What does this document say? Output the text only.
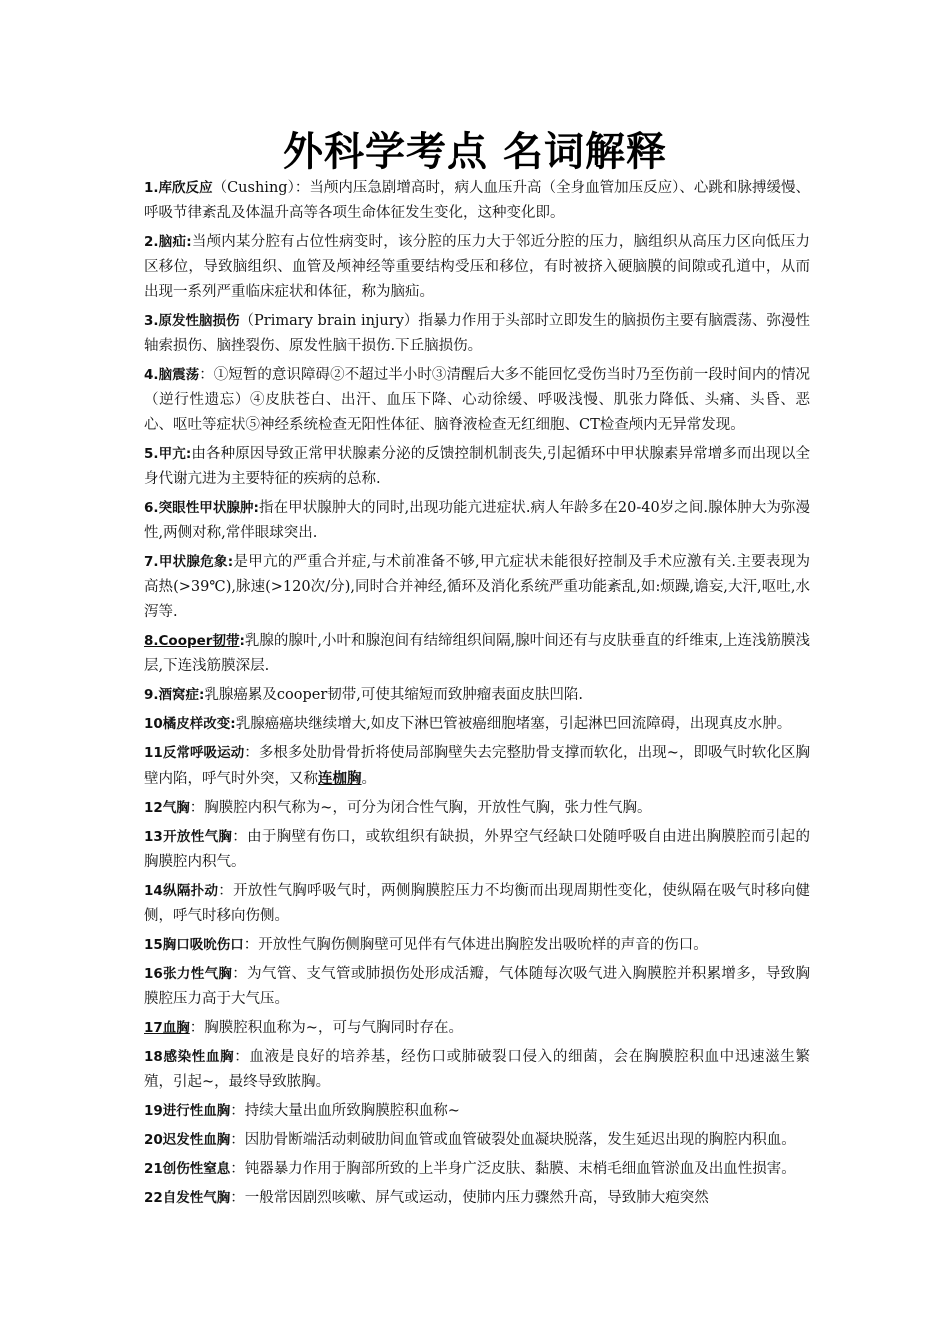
外科学考点 名词解释

1.库欣反应（Cushing）：当颅内压急剧增高时，病人血压升高（全身血管加压反应）、心跳和脉搏缓慢、呼吸节律紊乱及体温升高等各项生命体征发生变化，这种变化即。

2.脑疝:当颅内某分腔有占位性病变时，该分腔的压力大于邻近分腔的压力，脑组织从高压力区向低压力区移位，导致脑组织、血管及颅神经等重要结构受压和移位，有时被挤入硬脑膜的间隙或孔道中，从而出现一系列严重临床症状和体征，称为脑疝。

3.原发性脑损伤（Primary brain injury）指暴力作用于头部时立即发生的脑损伤主要有脑震荡、弥漫性轴索损伤、脑挫裂伤、原发性脑干损伤.下丘脑损伤。

4.脑震荡：①短暂的意识障碍②不超过半小时③清醒后大多不能回忆受伤当时乃至伤前一段时间内的情况（逆行性遗忘）④皮肤苍白、出汗、血压下降、心动徐缓、呼吸浅慢、肌张力降低、头痛、头昏、恶心、呕吐等症状⑤神经系统检查无阳性体征、脑脊液检查无红细胞、CT检查颅内无异常发现。

5.甲亢:由各种原因导致正常甲状腺素分泌的反馈控制机制丧失,引起循环中甲状腺素异常增多而出现以全身代谢亢进为主要特征的疾病的总称.

6.突眼性甲状腺肿:指在甲状腺肿大的同时,出现功能亢进症状.病人年龄多在20-40岁之间.腺体肿大为弥漫性,两侧对称,常伴眼球突出.

7.甲状腺危象:是甲亢的严重合并症,与术前准备不够,甲亢症状未能很好控制及手术应激有关.主要表现为高热(>39℃),脉速(>120次/分),同时合并神经,循环及消化系统严重功能紊乱,如:烦躁,谵妄,大汗,呕吐,水泻等.

8.Cooper韧带:乳腺的腺叶,小叶和腺泡间有结缔组织间隔,腺叶间还有与皮肤垂直的纤维束,上连浅筋膜浅层,下连浅筋膜深层.

9.酒窝症:乳腺癌累及cooper韧带,可使其缩短而致肿瘤表面皮肤凹陷.

10橘皮样改变:乳腺癌癌块继续增大,如皮下淋巴管被癌细胞堵塞，引起淋巴回流障碍，出现真皮水肿。

11反常呼吸运动：多根多处肋骨骨折将使局部胸壁失去完整肋骨支撑而软化，出现~，即吸气时软化区胸壁内陷，呼气时外突，又称连枷胸。

12气胸：胸膜腔内积气称为~，可分为闭合性气胸，开放性气胸，张力性气胸。

13开放性气胸：由于胸壁有伤口，或软组织有缺损，外界空气经缺口处随呼吸自由进出胸膜腔而引起的胸膜腔内积气。

14纵隔扑动：开放性气胸呼吸气时，两侧胸膜腔压力不均衡而出现周期性变化，使纵隔在吸气时移向健侧，呼气时移向伤侧。

15胸口吸吮伤口：开放性气胸伤侧胸壁可见伴有气体进出胸腔发出吸吮样的声音的伤口。

16张力性气胸：为气管、支气管或肺损伤处形成活瓣，气体随每次吸气进入胸膜腔并积累增多，导致胸膜腔压力高于大气压。

17血胸：胸膜腔积血称为~，可与气胸同时存在。

18感染性血胸：血液是良好的培养基，经伤口或肺破裂口侵入的细菌，会在胸膜腔积血中迅速滋生繁殖，引起~，最终导致脓胸。

19进行性血胸：持续大量出血所致胸膜腔积血称~

20迟发性血胸：因肋骨断端活动刺破肋间血管或血管破裂处血凝块脱落，发生延迟出现的胸腔内积血。

21创伤性窒息：钝器暴力作用于胸部所致的上半身广泛皮肤、黏膜、末梢毛细血管淤血及出血性损害。

22自发性气胸：一般常因剧烈咳嗽、屏气或运动，使肺内压力骤然升高，导致肺大疱突然
